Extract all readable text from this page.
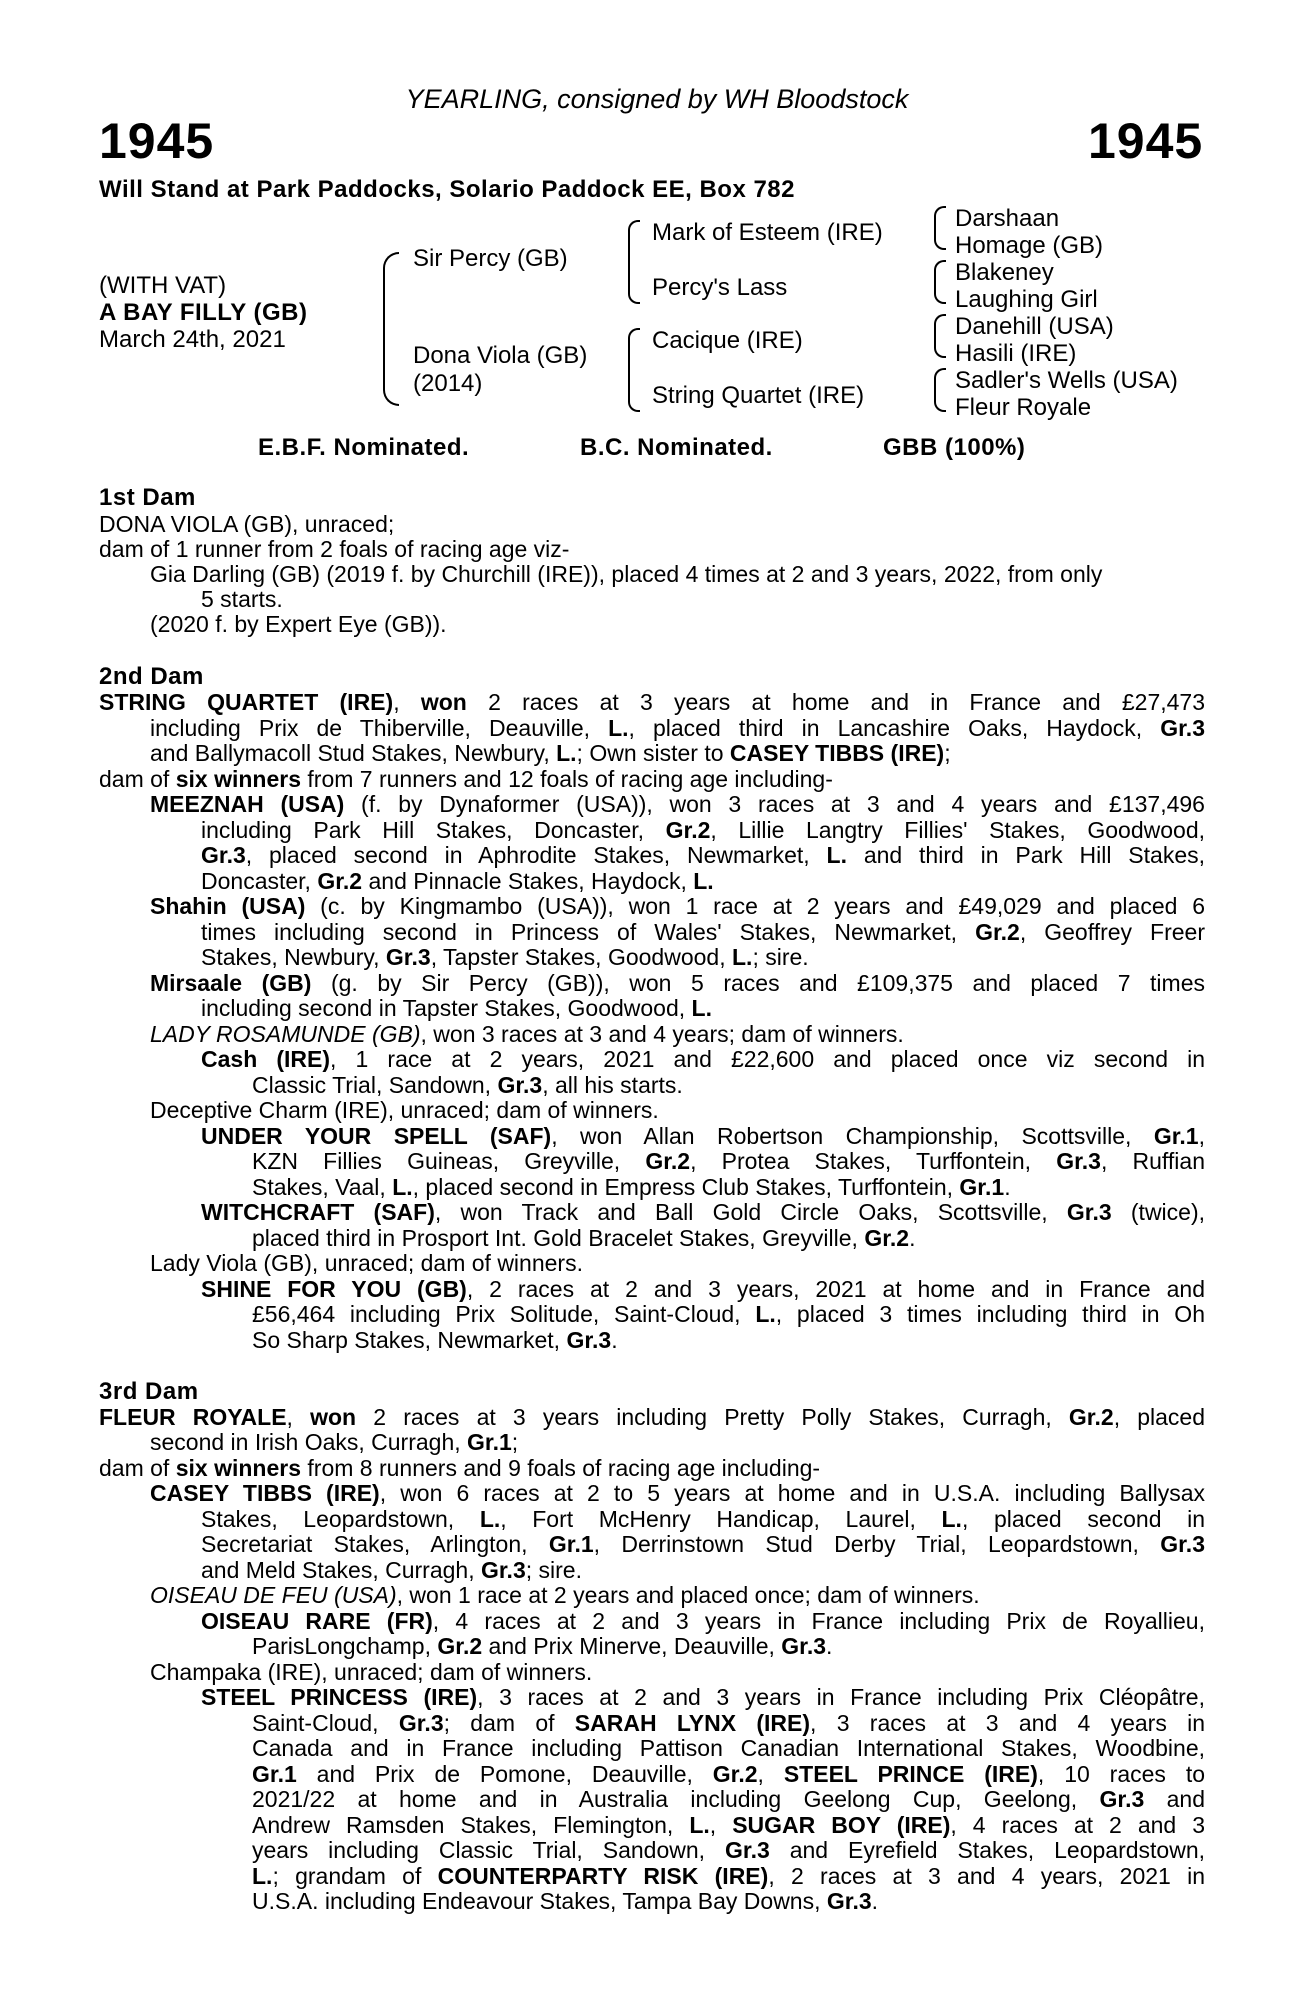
YEARLING, consigned by WH Bloodstock
1945	1945
Will Stand at Park Paddocks, Solario Paddock EE, Box 782
(WITH VAT)
A BAY FILLY (GB)
March 24th, 2021
Sir Percy (GB)
Dona Viola (GB)
(2014)
Mark of Esteem (IRE)
Percy's Lass
Cacique (IRE)
String Quartet (IRE)
Darshaan
Homage (GB)
Blakeney
Laughing Girl
Danehill (USA)
Hasili (IRE)
Sadler's Wells (USA)
Fleur Royale
E.B.F. Nominated.	B.C. Nominated.	GBB (100%)
1st Dam
DONA VIOLA (GB), unraced;
dam of 1 runner from 2 foals of racing age viz-
Gia Darling (GB) (2019 f. by Churchill (IRE)), placed 4 times at 2 and 3 years, 2022, from only
5 starts.
(2020 f. by Expert Eye (GB)).
2nd Dam
STRING QUARTET (IRE), won 2 races at 3 years at home and in France and £27,473
including Prix de Thiberville, Deauville, L., placed third in Lancashire Oaks, Haydock, Gr.3
and Ballymacoll Stud Stakes, Newbury, L.; Own sister to CASEY TIBBS (IRE);
dam of six winners from 7 runners and 12 foals of racing age including-
MEEZNAH (USA) (f. by Dynaformer (USA)), won 3 races at 3 and 4 years and £137,496
including Park Hill Stakes, Doncaster, Gr.2, Lillie Langtry Fillies' Stakes, Goodwood,
Gr.3, placed second in Aphrodite Stakes, Newmarket, L. and third in Park Hill Stakes,
Doncaster, Gr.2 and Pinnacle Stakes, Haydock, L.
Shahin (USA) (c. by Kingmambo (USA)), won 1 race at 2 years and £49,029 and placed 6
times including second in Princess of Wales' Stakes, Newmarket, Gr.2, Geoffrey Freer
Stakes, Newbury, Gr.3, Tapster Stakes, Goodwood, L.; sire.
Mirsaale (GB) (g. by Sir Percy (GB)), won 5 races and £109,375 and placed 7 times
including second in Tapster Stakes, Goodwood, L.
LADY ROSAMUNDE (GB), won 3 races at 3 and 4 years; dam of winners.
Cash (IRE), 1 race at 2 years, 2021 and £22,600 and placed once viz second in
Classic Trial, Sandown, Gr.3, all his starts.
Deceptive Charm (IRE), unraced; dam of winners.
UNDER YOUR SPELL (SAF), won Allan Robertson Championship, Scottsville, Gr.1,
KZN Fillies Guineas, Greyville, Gr.2, Protea Stakes, Turffontein, Gr.3, Ruffian
Stakes, Vaal, L., placed second in Empress Club Stakes, Turffontein, Gr.1.
WITCHCRAFT (SAF), won Track and Ball Gold Circle Oaks, Scottsville, Gr.3 (twice),
placed third in Prosport Int. Gold Bracelet Stakes, Greyville, Gr.2.
Lady Viola (GB), unraced; dam of winners.
SHINE FOR YOU (GB), 2 races at 2 and 3 years, 2021 at home and in France and
£56,464 including Prix Solitude, Saint-Cloud, L., placed 3 times including third in Oh
So Sharp Stakes, Newmarket, Gr.3.
3rd Dam
FLEUR ROYALE, won 2 races at 3 years including Pretty Polly Stakes, Curragh, Gr.2, placed
second in Irish Oaks, Curragh, Gr.1;
dam of six winners from 8 runners and 9 foals of racing age including-
CASEY TIBBS (IRE), won 6 races at 2 to 5 years at home and in U.S.A. including Ballysax
Stakes, Leopardstown, L., Fort McHenry Handicap, Laurel, L., placed second in
Secretariat Stakes, Arlington, Gr.1, Derrinstown Stud Derby Trial, Leopardstown, Gr.3
and Meld Stakes, Curragh, Gr.3; sire.
OISEAU DE FEU (USA), won 1 race at 2 years and placed once; dam of winners.
OISEAU RARE (FR), 4 races at 2 and 3 years in France including Prix de Royallieu,
ParisLongchamp, Gr.2 and Prix Minerve, Deauville, Gr.3.
Champaka (IRE), unraced; dam of winners.
STEEL PRINCESS (IRE), 3 races at 2 and 3 years in France including Prix Cléopâtre,
Saint-Cloud, Gr.3; dam of SARAH LYNX (IRE), 3 races at 3 and 4 years in
Canada and in France including Pattison Canadian International Stakes, Woodbine,
Gr.1 and Prix de Pomone, Deauville, Gr.2, STEEL PRINCE (IRE), 10 races to
2021/22 at home and in Australia including Geelong Cup, Geelong, Gr.3 and
Andrew Ramsden Stakes, Flemington, L., SUGAR BOY (IRE), 4 races at 2 and 3
years including Classic Trial, Sandown, Gr.3 and Eyrefield Stakes, Leopardstown,
L.; grandam of COUNTERPARTY RISK (IRE), 2 races at 3 and 4 years, 2021 in
U.S.A. including Endeavour Stakes, Tampa Bay Downs, Gr.3.
